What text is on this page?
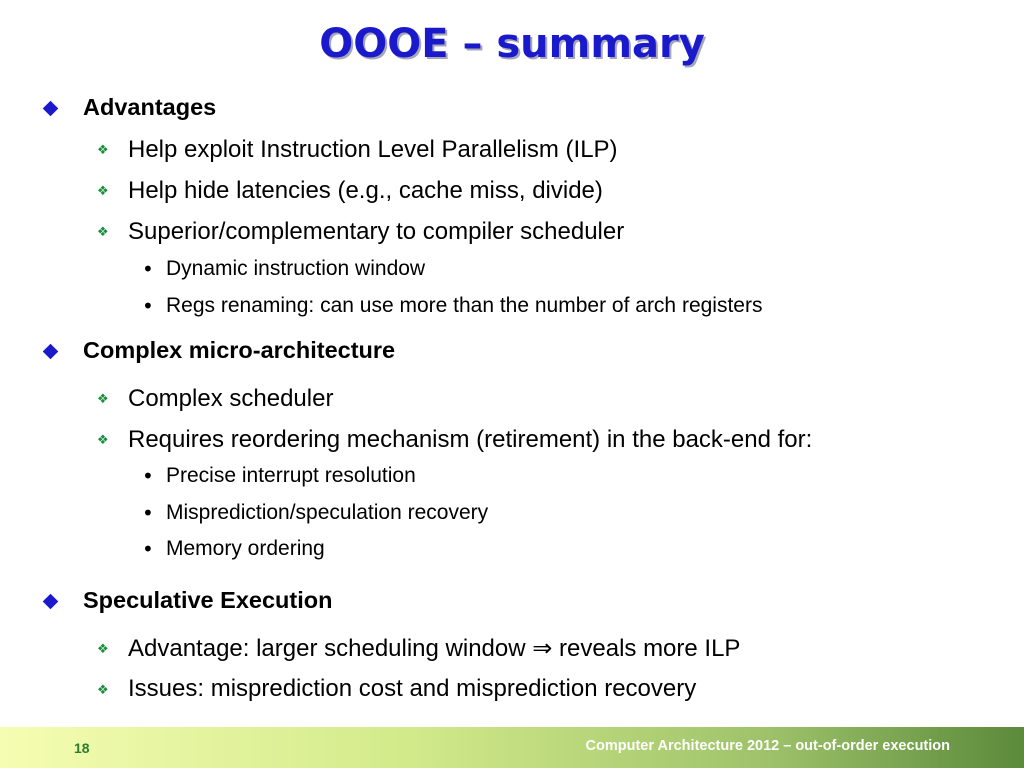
OOOE – summary
Advantages
❖ Help exploit Instruction Level Parallelism (ILP)
❖ Help hide latencies (e.g., cache miss, divide)
❖ Superior/complementary to compiler scheduler
• Dynamic instruction window
• Regs renaming: can use more than the number of arch registers
Complex micro-architecture
❖ Complex scheduler
❖ Requires reordering mechanism (retirement) in the back-end for:
• Precise interrupt resolution
• Misprediction/speculation recovery
• Memory ordering
Speculative Execution
❖ Advantage: larger scheduling window ⇒ reveals more ILP
❖ Issues: misprediction cost and misprediction recovery
18	Computer Architecture 2012 – out-of-order execution
